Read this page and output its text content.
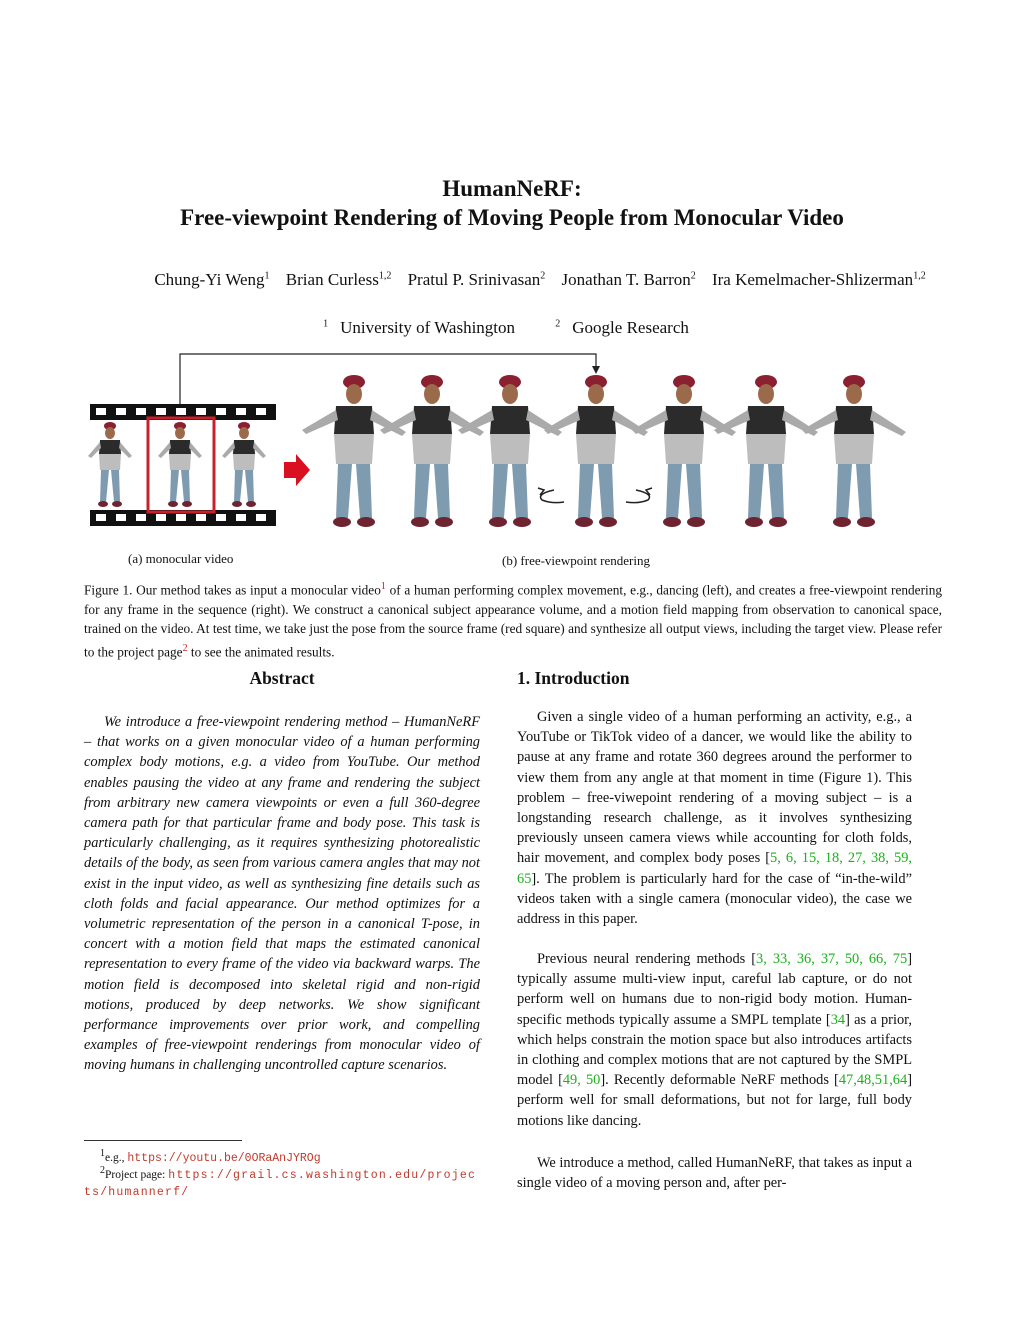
HumanNeRF:
Free-viewpoint Rendering of Moving People from Monocular Video
Chung-Yi Weng$^1$ Brian Curless$^{1,2}$ Pratul P. Srinivasan$^2$ Jonathan T. Barron$^2$ Ira Kemelmacher-Shlizerman$^{1,2}$
$^1$ University of Washington	$^2$ Google Research
(a) monocular video	(b) free-viewpoint rendering
Figure 1. Our method takes as input a monocular video$^1$ of a human performing complex movement, e.g., dancing (left), and creates a free-viewpoint rendering for any frame in the sequence (right). We construct a canonical subject appearance volume, and a motion field mapping from observation to canonical space, trained on the video. At test time, we take just the pose from the source frame (red square) and synthesize all output views, including the target view. Please refer to the project page$^2$ to see the animated results.
Abstract
We introduce a free-viewpoint rendering method – HumanNeRF – that works on a given monocular video of a human performing complex body motions, e.g. a video from YouTube. Our method enables pausing the video at any frame and rendering the subject from arbitrary new camera viewpoints or even a full 360-degree camera path for that particular frame and body pose. This task is particularly challenging, as it requires synthesizing photorealistic details of the body, as seen from various camera angles that may not exist in the input video, as well as synthesizing fine details such as cloth folds and facial appearance. Our method optimizes for a volumetric representation of the person in a canonical T-pose, in concert with a motion field that maps the estimated canonical representation to every frame of the video via backward warps. The motion field is decomposed into skeletal rigid and non-rigid motions, produced by deep networks. We show significant performance improvements over prior work, and compelling examples of free-viewpoint renderings from monocular video of moving humans in challenging uncontrolled capture scenarios.
$^1$e.g., https://youtu.be/0ORaAnJYROg
$^2$Project page: https://grail.cs.washington.edu/projects/humannerf/
1. Introduction

Given a single video of a human performing an activity, e.g., a YouTube or TikTok video of a dancer, we would like the ability to pause at any frame and rotate 360 degrees around the performer to view them from any angle at that moment in time (Figure 1). This problem – free-viwepoint rendering of a moving subject – is a longstanding research challenge, as it involves synthesizing previously unseen camera views while accounting for cloth folds, hair movement, and complex body poses [5, 6, 15, 18, 27, 38, 59, 65]. The problem is particularly hard for the case of “in-the-wild” videos taken with a single camera (monocular video), the case we address in this paper.

Previous neural rendering methods [3, 33, 36, 37, 50, 66, 75] typically assume multi-view input, careful lab capture, or do not perform well on humans due to non-rigid body motion. Human-specific methods typically assume a SMPL template [34] as a prior, which helps constrain the motion space but also introduces artifacts in clothing and complex motions that are not captured by the SMPL model [49, 50]. Recently deformable NeRF methods [47,48,51,64] perform well for small deformations, but not for large, full body motions like dancing.

We introduce a method, called HumanNeRF, that takes as input a single video of a moving person and, after per-
